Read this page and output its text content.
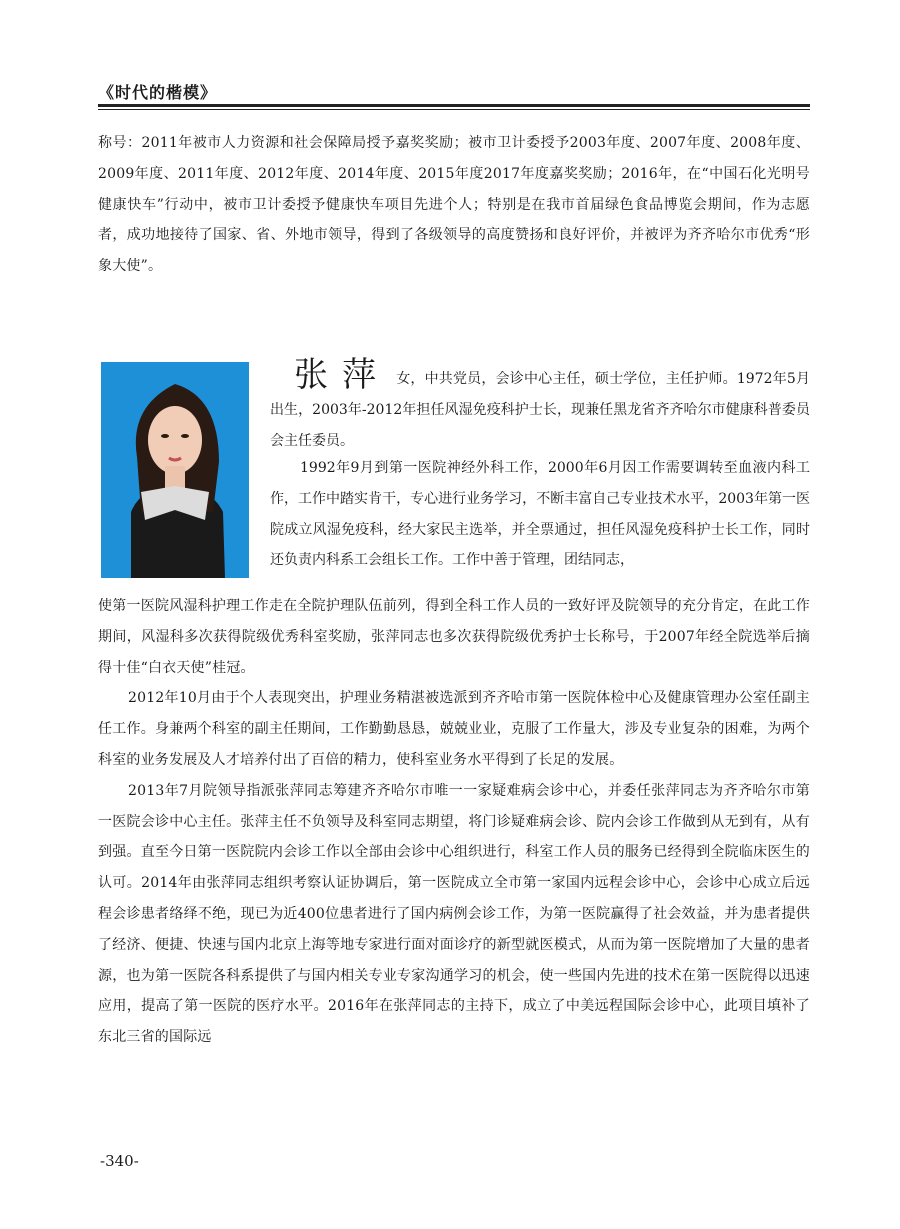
《时代的楷模》

称号：2011年被市人力资源和社会保障局授予嘉奖奖励；被市卫计委授予2003年度、2007年度、2008年度、2009年度、2011年度、2012年度、2014年度、2015年度2017年度嘉奖奖励；2016年，在“中国石化光明号健康快车”行动中，被市卫计委授予健康快车项目先进个人；特别是在我市首届绿色食品博览会期间，作为志愿者，成功地接待了国家、省、外地市领导，得到了各级领导的高度赞扬和良好评价，并被评为齐齐哈尔市优秀“形象大使”。

张萍 女，中共党员，会诊中心主任，硕士学位，主任护师。1972年5月出生，2003年-2012年担任风湿免疫科护士长，现兼任黑龙省齐齐哈尔市健康科普委员会主任委员。

1992年9月到第一医院神经外科工作，2000年6月因工作需要调转至血液内科工作，工作中踏实肯干，专心进行业务学习，不断丰富自己专业技术水平，2003年第一医院成立风湿免疫科，经大家民主选举，并全票通过，担任风湿免疫科护士长工作，同时还负责内科系工会组长工作。工作中善于管理，团结同志，

使第一医院风湿科护理工作走在全院护理队伍前列，得到全科工作人员的一致好评及院领导的充分肯定，在此工作期间，风湿科多次获得院级优秀科室奖励，张萍同志也多次获得院级优秀护士长称号，于2007年经全院选举后摘得十佳“白衣天使”桂冠。

2012年10月由于个人表现突出，护理业务精湛被选派到齐齐哈市第一医院体检中心及健康管理办公室任副主任工作。身兼两个科室的副主任期间，工作勤勤恳恳，兢兢业业，克服了工作量大，涉及专业复杂的困难，为两个科室的业务发展及人才培养付出了百倍的精力，使科室业务水平得到了长足的发展。

2013年7月院领导指派张萍同志筹建齐齐哈尔市唯一一家疑难病会诊中心，并委任张萍同志为齐齐哈尔市第一医院会诊中心主任。张萍主任不负领导及科室同志期望，将门诊疑难病会诊、院内会诊工作做到从无到有，从有到强。直至今日第一医院院内会诊工作以全部由会诊中心组织进行，科室工作人员的服务已经得到全院临床医生的认可。2014年由张萍同志组织考察认证协调后，第一医院成立全市第一家国内远程会诊中心，会诊中心成立后远程会诊患者络绎不绝，现已为近400位患者进行了国内病例会诊工作，为第一医院赢得了社会效益，并为患者提供了经济、便捷、快速与国内北京上海等地专家进行面对面诊疗的新型就医模式，从而为第一医院增加了大量的患者源，也为第一医院各科系提供了与国内相关专业专家沟通学习的机会，使一些国内先进的技术在第一医院得以迅速应用，提高了第一医院的医疗水平。2016年在张萍同志的主持下，成立了中美远程国际会诊中心，此项目填补了东北三省的国际远

-340-
